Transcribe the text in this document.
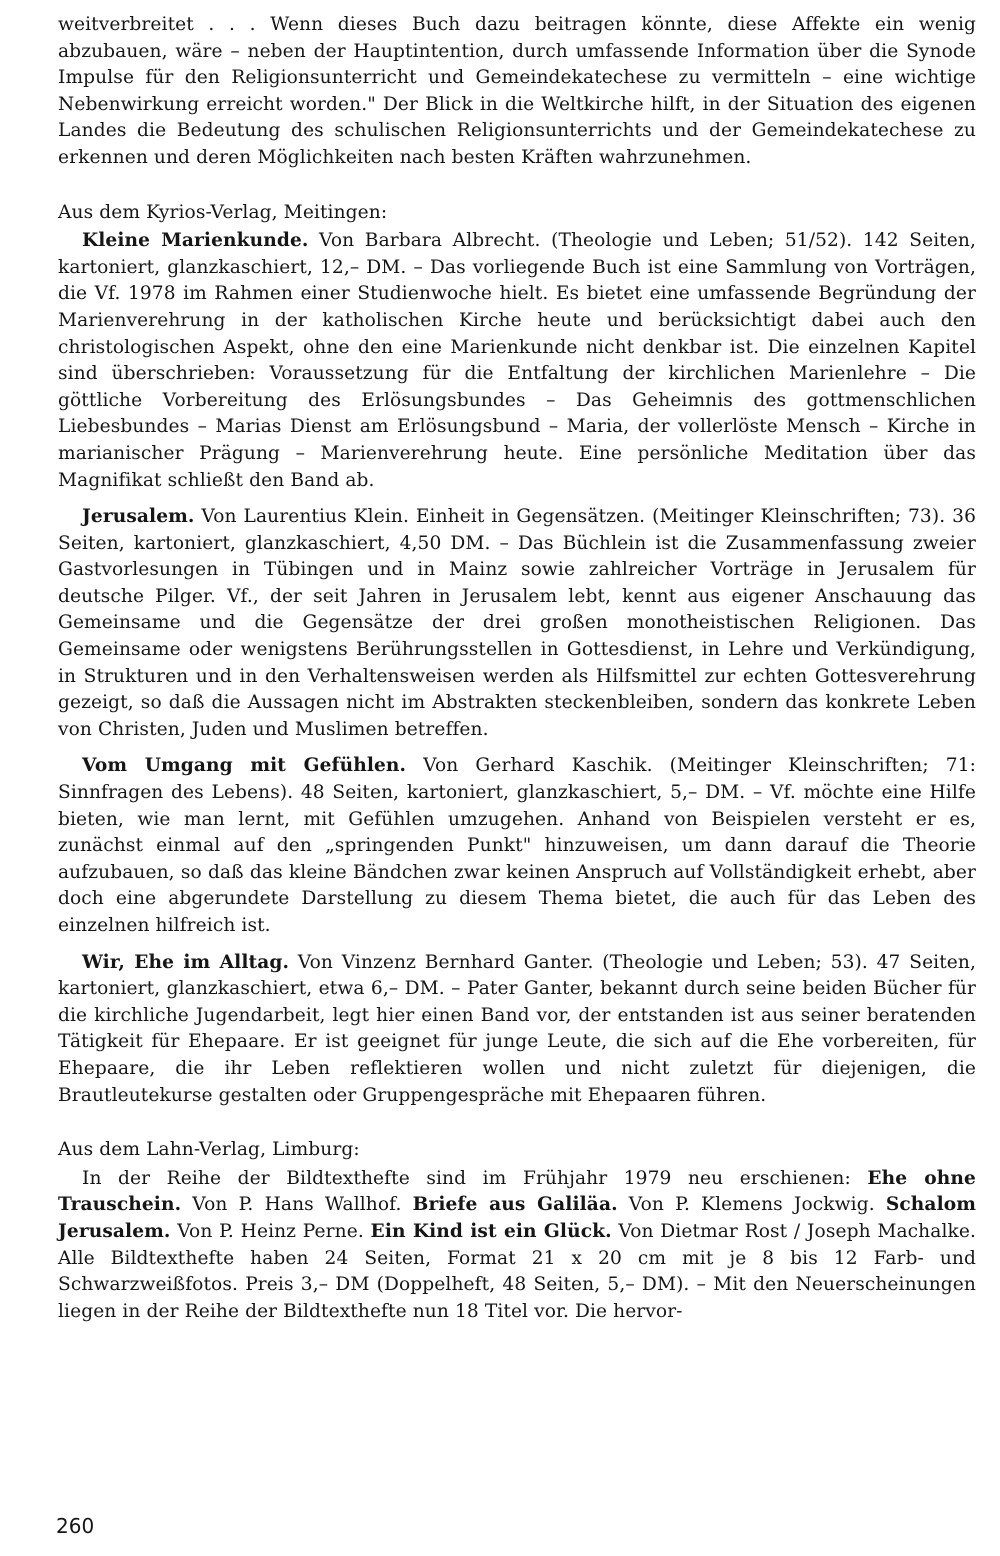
weitverbreitet . . . Wenn dieses Buch dazu beitragen könnte, diese Affekte ein wenig abzubauen, wäre – neben der Hauptintention, durch umfassende Information über die Synode Impulse für den Religionsunterricht und Gemeindekatechese zu vermitteln – eine wichtige Nebenwirkung erreicht worden." Der Blick in die Weltkirche hilft, in der Situation des eigenen Landes die Bedeutung des schulischen Religionsunterrichts und der Gemeindekatechese zu erkennen und deren Möglichkeiten nach besten Kräften wahrzunehmen.

Aus dem Kyrios-Verlag, Meitingen:

Kleine Marienkunde. Von Barbara Albrecht. (Theologie und Leben; 51/52). 142 Seiten, kartoniert, glanzkaschiert, 12,– DM. – Das vorliegende Buch ist eine Sammlung von Vorträgen, die Vf. 1978 im Rahmen einer Studienwoche hielt. Es bietet eine umfassende Begründung der Marienverehrung in der katholischen Kirche heute und berücksichtigt dabei auch den christologischen Aspekt, ohne den eine Marienkunde nicht denkbar ist. Die einzelnen Kapitel sind überschrieben: Voraussetzung für die Entfaltung der kirchlichen Marienlehre – Die göttliche Vorbereitung des Erlösungsbundes – Das Geheimnis des gottmenschlichen Liebesbundes – Marias Dienst am Erlösungsbund – Maria, der vollerlöste Mensch – Kirche in marianischer Prägung – Marienverehrung heute. Eine persönliche Meditation über das Magnifikat schließt den Band ab.

Jerusalem. Von Laurentius Klein. Einheit in Gegensätzen. (Meitinger Kleinschriften; 73). 36 Seiten, kartoniert, glanzkaschiert, 4,50 DM. – Das Büchlein ist die Zusammenfassung zweier Gastvorlesungen in Tübingen und in Mainz sowie zahlreicher Vorträge in Jerusalem für deutsche Pilger. Vf., der seit Jahren in Jerusalem lebt, kennt aus eigener Anschauung das Gemeinsame und die Gegensätze der drei großen monotheistischen Religionen. Das Gemeinsame oder wenigstens Berührungsstellen in Gottesdienst, in Lehre und Verkündigung, in Strukturen und in den Verhaltensweisen werden als Hilfsmittel zur echten Gottesverehrung gezeigt, so daß die Aussagen nicht im Abstrakten steckenbleiben, sondern das konkrete Leben von Christen, Juden und Muslimen betreffen.

Vom Umgang mit Gefühlen. Von Gerhard Kaschik. (Meitinger Kleinschriften; 71: Sinnfragen des Lebens). 48 Seiten, kartoniert, glanzkaschiert, 5,– DM. – Vf. möchte eine Hilfe bieten, wie man lernt, mit Gefühlen umzugehen. Anhand von Beispielen versteht er es, zunächst einmal auf den „springenden Punkt" hinzuweisen, um dann darauf die Theorie aufzubauen, so daß das kleine Bändchen zwar keinen Anspruch auf Vollständigkeit erhebt, aber doch eine abgerundete Darstellung zu diesem Thema bietet, die auch für das Leben des einzelnen hilfreich ist.

Wir, Ehe im Alltag. Von Vinzenz Bernhard Ganter. (Theologie und Leben; 53). 47 Seiten, kartoniert, glanzkaschiert, etwa 6,– DM. – Pater Ganter, bekannt durch seine beiden Bücher für die kirchliche Jugendarbeit, legt hier einen Band vor, der entstanden ist aus seiner beratenden Tätigkeit für Ehepaare. Er ist geeignet für junge Leute, die sich auf die Ehe vorbereiten, für Ehepaare, die ihr Leben reflektieren wollen und nicht zuletzt für diejenigen, die Brautleutekurse gestalten oder Gruppengespräche mit Ehepaaren führen.

Aus dem Lahn-Verlag, Limburg:

In der Reihe der Bildtexthefte sind im Frühjahr 1979 neu erschienen: Ehe ohne Trauschein. Von P. Hans Wallhof. Briefe aus Galiläa. Von P. Klemens Jockwig. Schalom Jerusalem. Von P. Heinz Perne. Ein Kind ist ein Glück. Von Dietmar Rost / Joseph Machalke. Alle Bildtexthefte haben 24 Seiten, Format 21 x 20 cm mit je 8 bis 12 Farb- und Schwarzweißfotos. Preis 3,– DM (Doppelheft, 48 Seiten, 5,– DM). – Mit den Neuerscheinungen liegen in der Reihe der Bildtexthefte nun 18 Titel vor. Die hervor-

260
